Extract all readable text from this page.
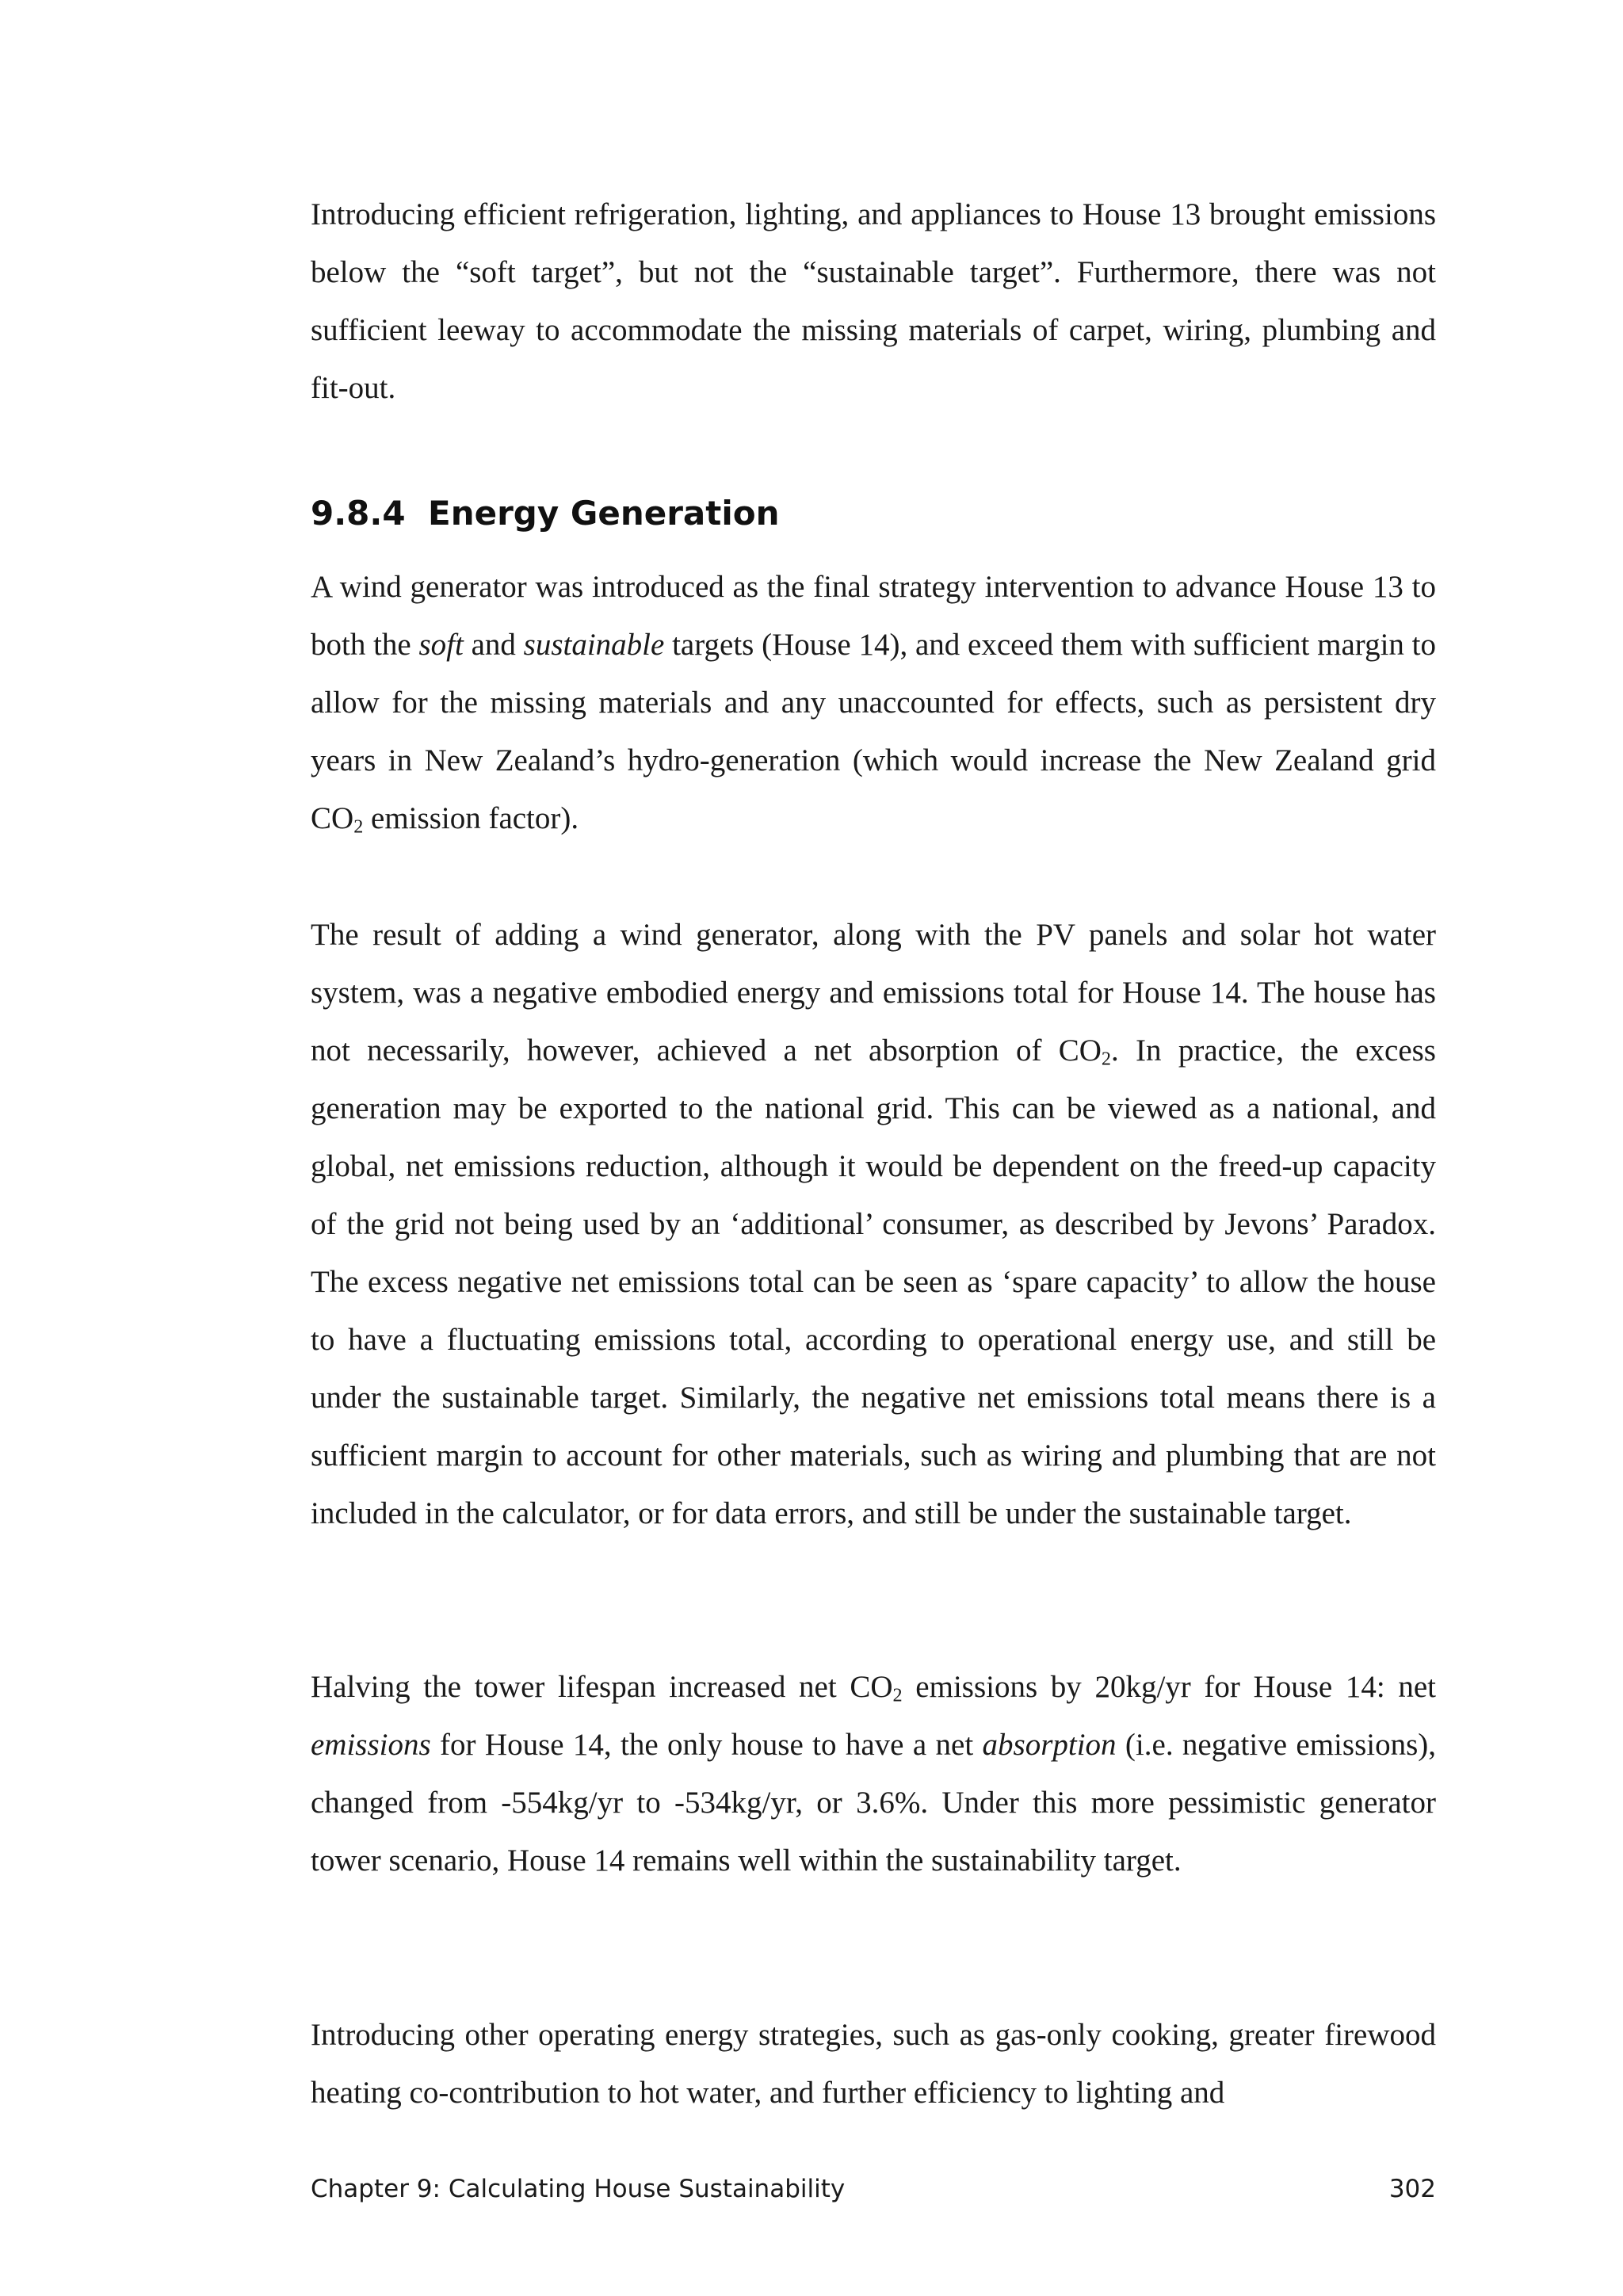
Introducing efficient refrigeration, lighting, and appliances to House 13 brought emissions below the “soft target”, but not the “sustainable target”. Furthermore, there was not sufficient leeway to accommodate the missing materials of carpet, wiring, plumbing and fit-out.

9.8.4 Energy Generation

A wind generator was introduced as the final strategy intervention to advance House 13 to both the soft and sustainable targets (House 14), and exceed them with sufficient margin to allow for the missing materials and any unaccounted for effects, such as persistent dry years in New Zealand’s hydro-generation (which would increase the New Zealand grid $CO_2$ emission factor).

The result of adding a wind generator, along with the PV panels and solar hot water system, was a negative embodied energy and emissions total for House 14. The house has not necessarily, however, achieved a net absorption of $CO_2$. In practice, the excess generation may be exported to the national grid. This can be viewed as a national, and global, net emissions reduction, although it would be dependent on the freed-up capacity of the grid not being used by an ‘additional’ consumer, as described by Jevons’ Paradox. The excess negative net emissions total can be seen as ‘spare capacity’ to allow the house to have a fluctuating emissions total, according to operational energy use, and still be under the sustainable target. Similarly, the negative net emissions total means there is a sufficient margin to account for other materials, such as wiring and plumbing that are not included in the calculator, or for data errors, and still be under the sustainable target.

Halving the tower lifespan increased net $CO_2$ emissions by 20kg/yr for House 14: net emissions for House 14, the only house to have a net absorption (i.e. negative emissions), changed from -554kg/yr to -534kg/yr, or 3.6%. Under this more pessimistic generator tower scenario, House 14 remains well within the sustainability target.

Introducing other operating energy strategies, such as gas-only cooking, greater firewood heating co-contribution to hot water, and further efficiency to lighting and

Chapter 9: Calculating House Sustainability	302
